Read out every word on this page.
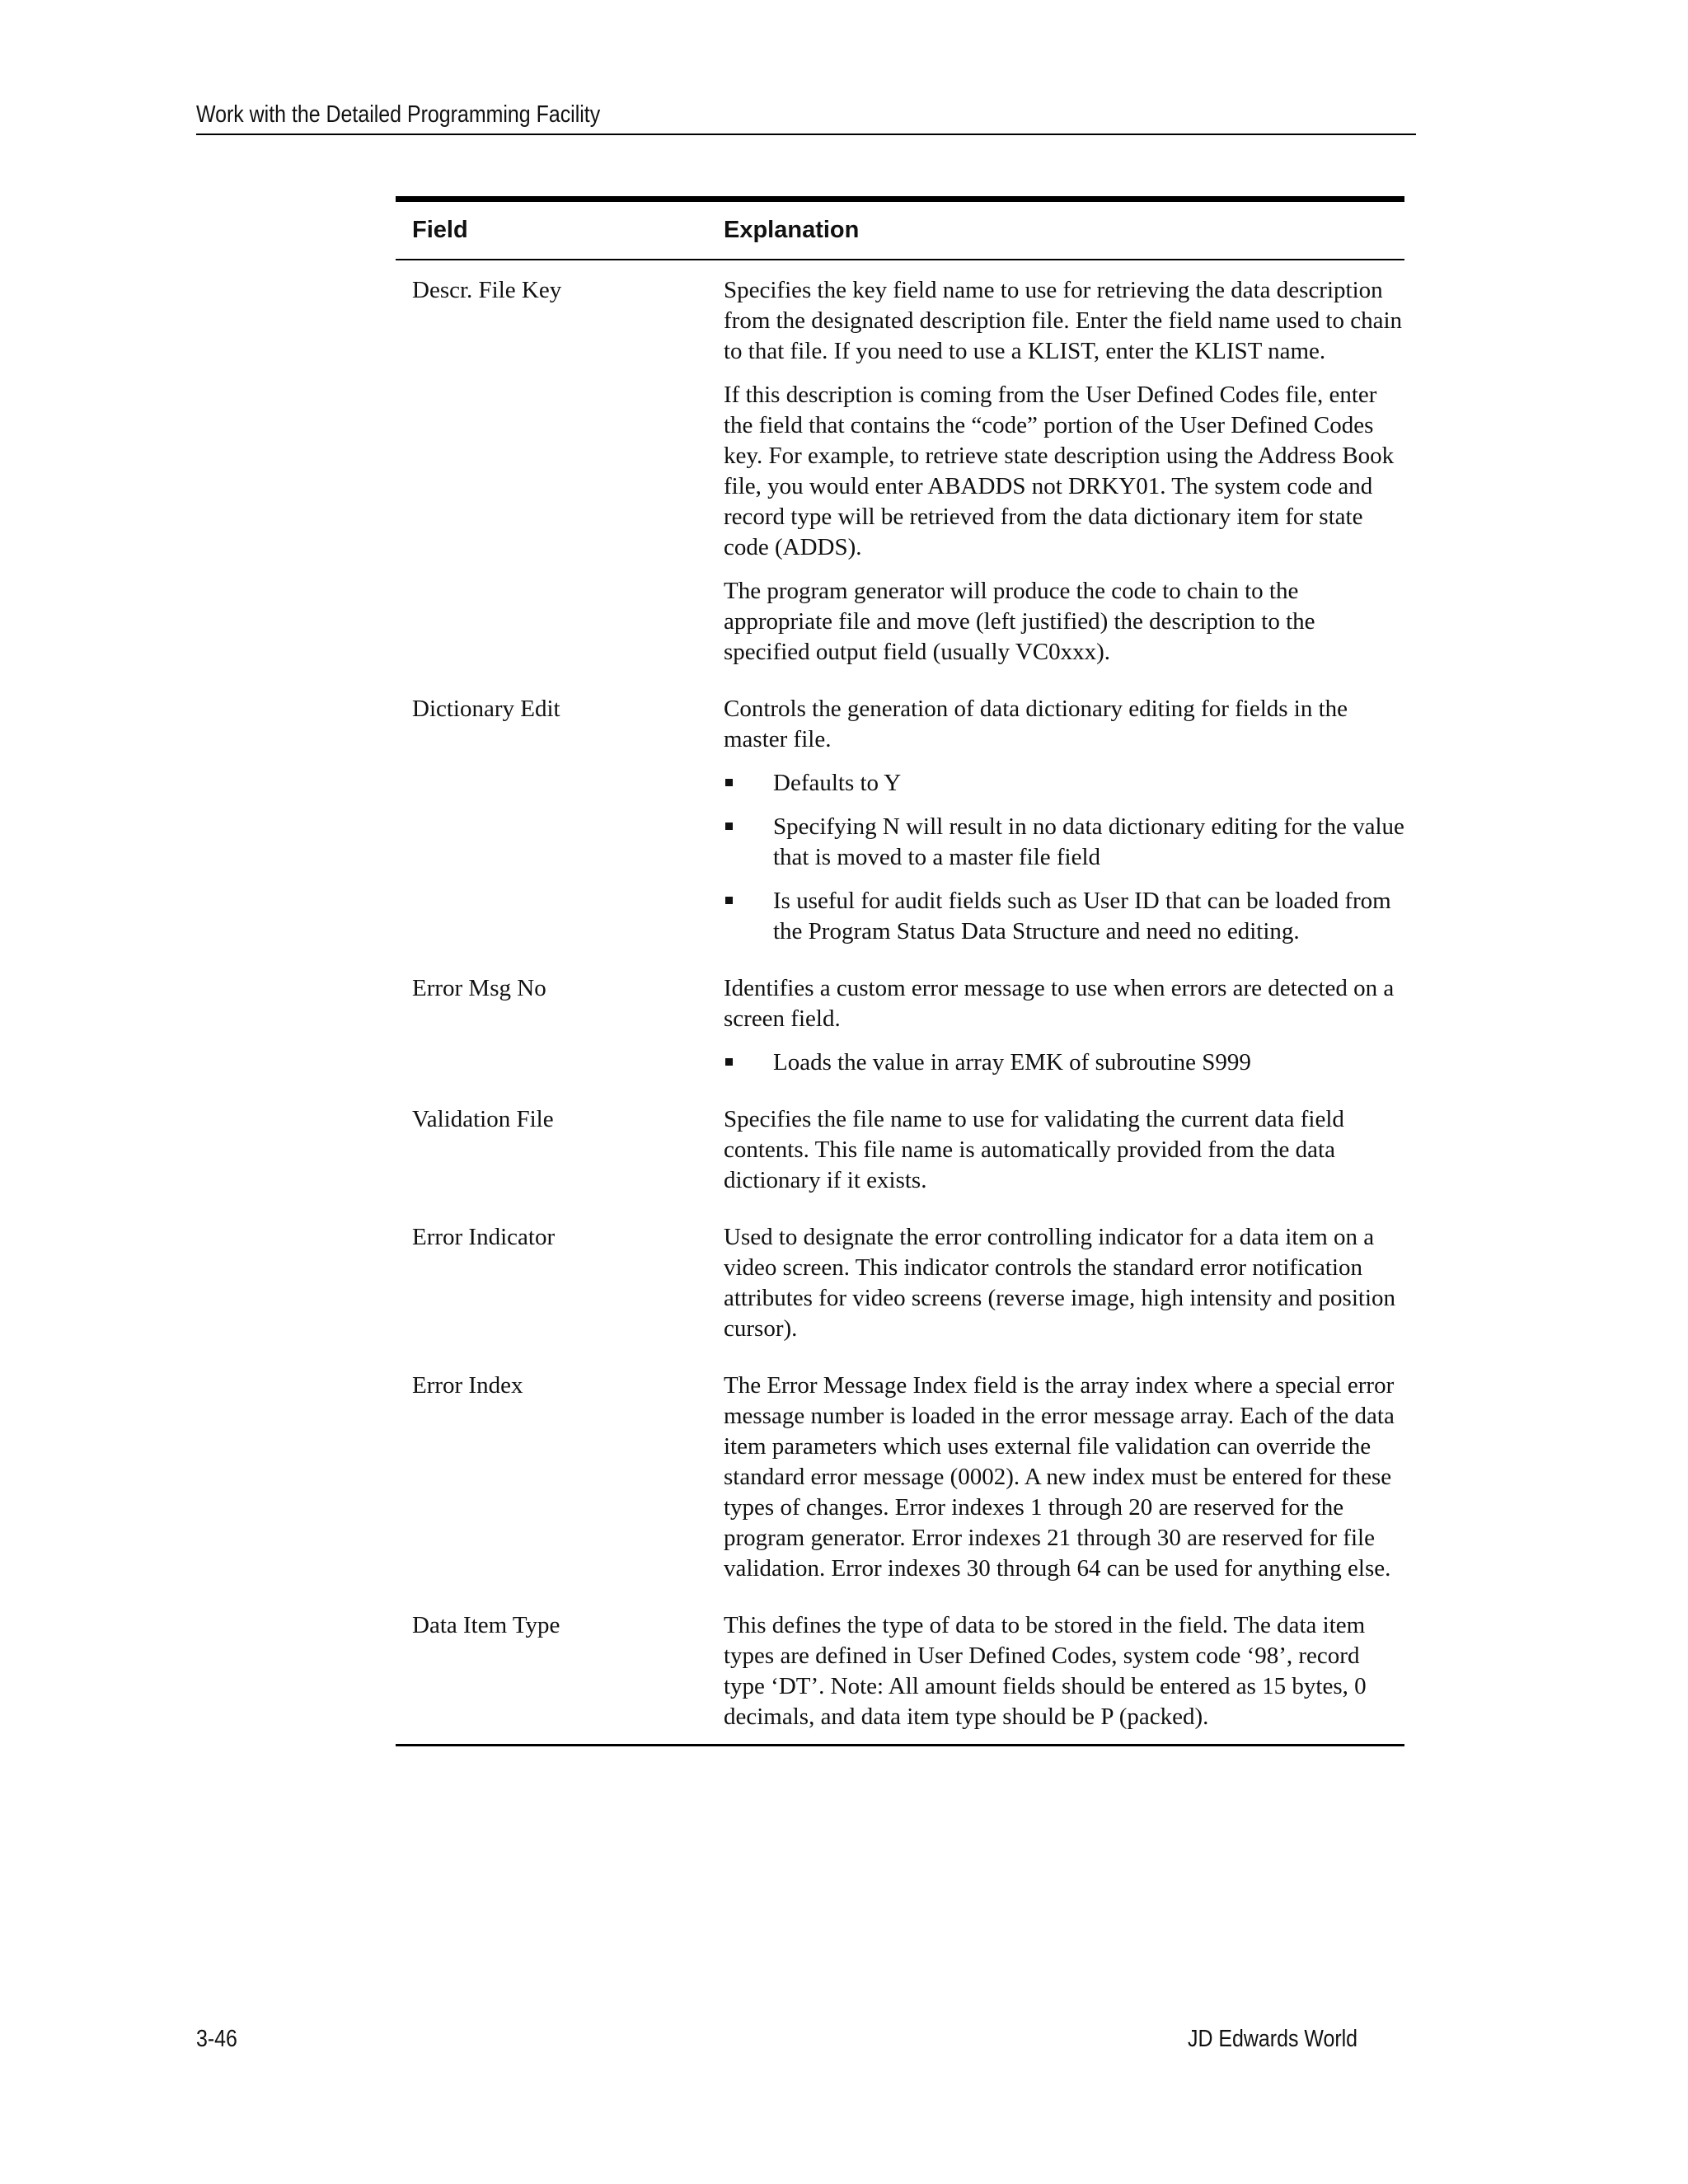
Work with the Detailed Programming Facility
Field	Explanation
Descr. File Key	Specifies the key field name to use for retrieving the data description from the designated description file. Enter the field name used to chain to that file. If you need to use a KLIST, enter the KLIST name.

If this description is coming from the User Defined Codes file, enter the field that contains the “code” portion of the User Defined Codes key. For example, to retrieve state description using the Address Book file, you would enter ABADDS not DRKY01. The system code and record type will be retrieved from the data dictionary item for state code (ADDS).

The program generator will produce the code to chain to the appropriate file and move (left justified) the description to the specified output field (usually VC0xxx).

Dictionary Edit	Controls the generation of data dictionary editing for fields in the master file.

Defaults to Y
Specifying N will result in no data dictionary editing for the value that is moved to a master file field
Is useful for audit fields such as User ID that can be loaded from the Program Status Data Structure and need no editing.
Error Msg No	Identifies a custom error message to use when errors are detected on a screen field.

Loads the value in array EMK of subroutine S999
Validation File	Specifies the file name to use for validating the current data field contents. This file name is automatically provided from the data dictionary if it exists.

Error Indicator	Used to designate the error controlling indicator for a data item on a video screen. This indicator controls the standard error notification attributes for video screens (reverse image, high intensity and position cursor).

Error Index	The Error Message Index field is the array index where a special error message number is loaded in the error message array. Each of the data item parameters which uses external file validation can override the standard error message (0002). A new index must be entered for these types of changes. Error indexes 1 through 20 are reserved for the program generator. Error indexes 21 through 30 are reserved for file validation. Error indexes 30 through 64 can be used for anything else.

Data Item Type	This defines the type of data to be stored in the field. The data item types are defined in User Defined Codes, system code ‘98’, record type ‘DT’. Note: All amount fields should be entered as 15 bytes, 0 decimals, and data item type should be P (packed).

3-46	JD Edwards World
